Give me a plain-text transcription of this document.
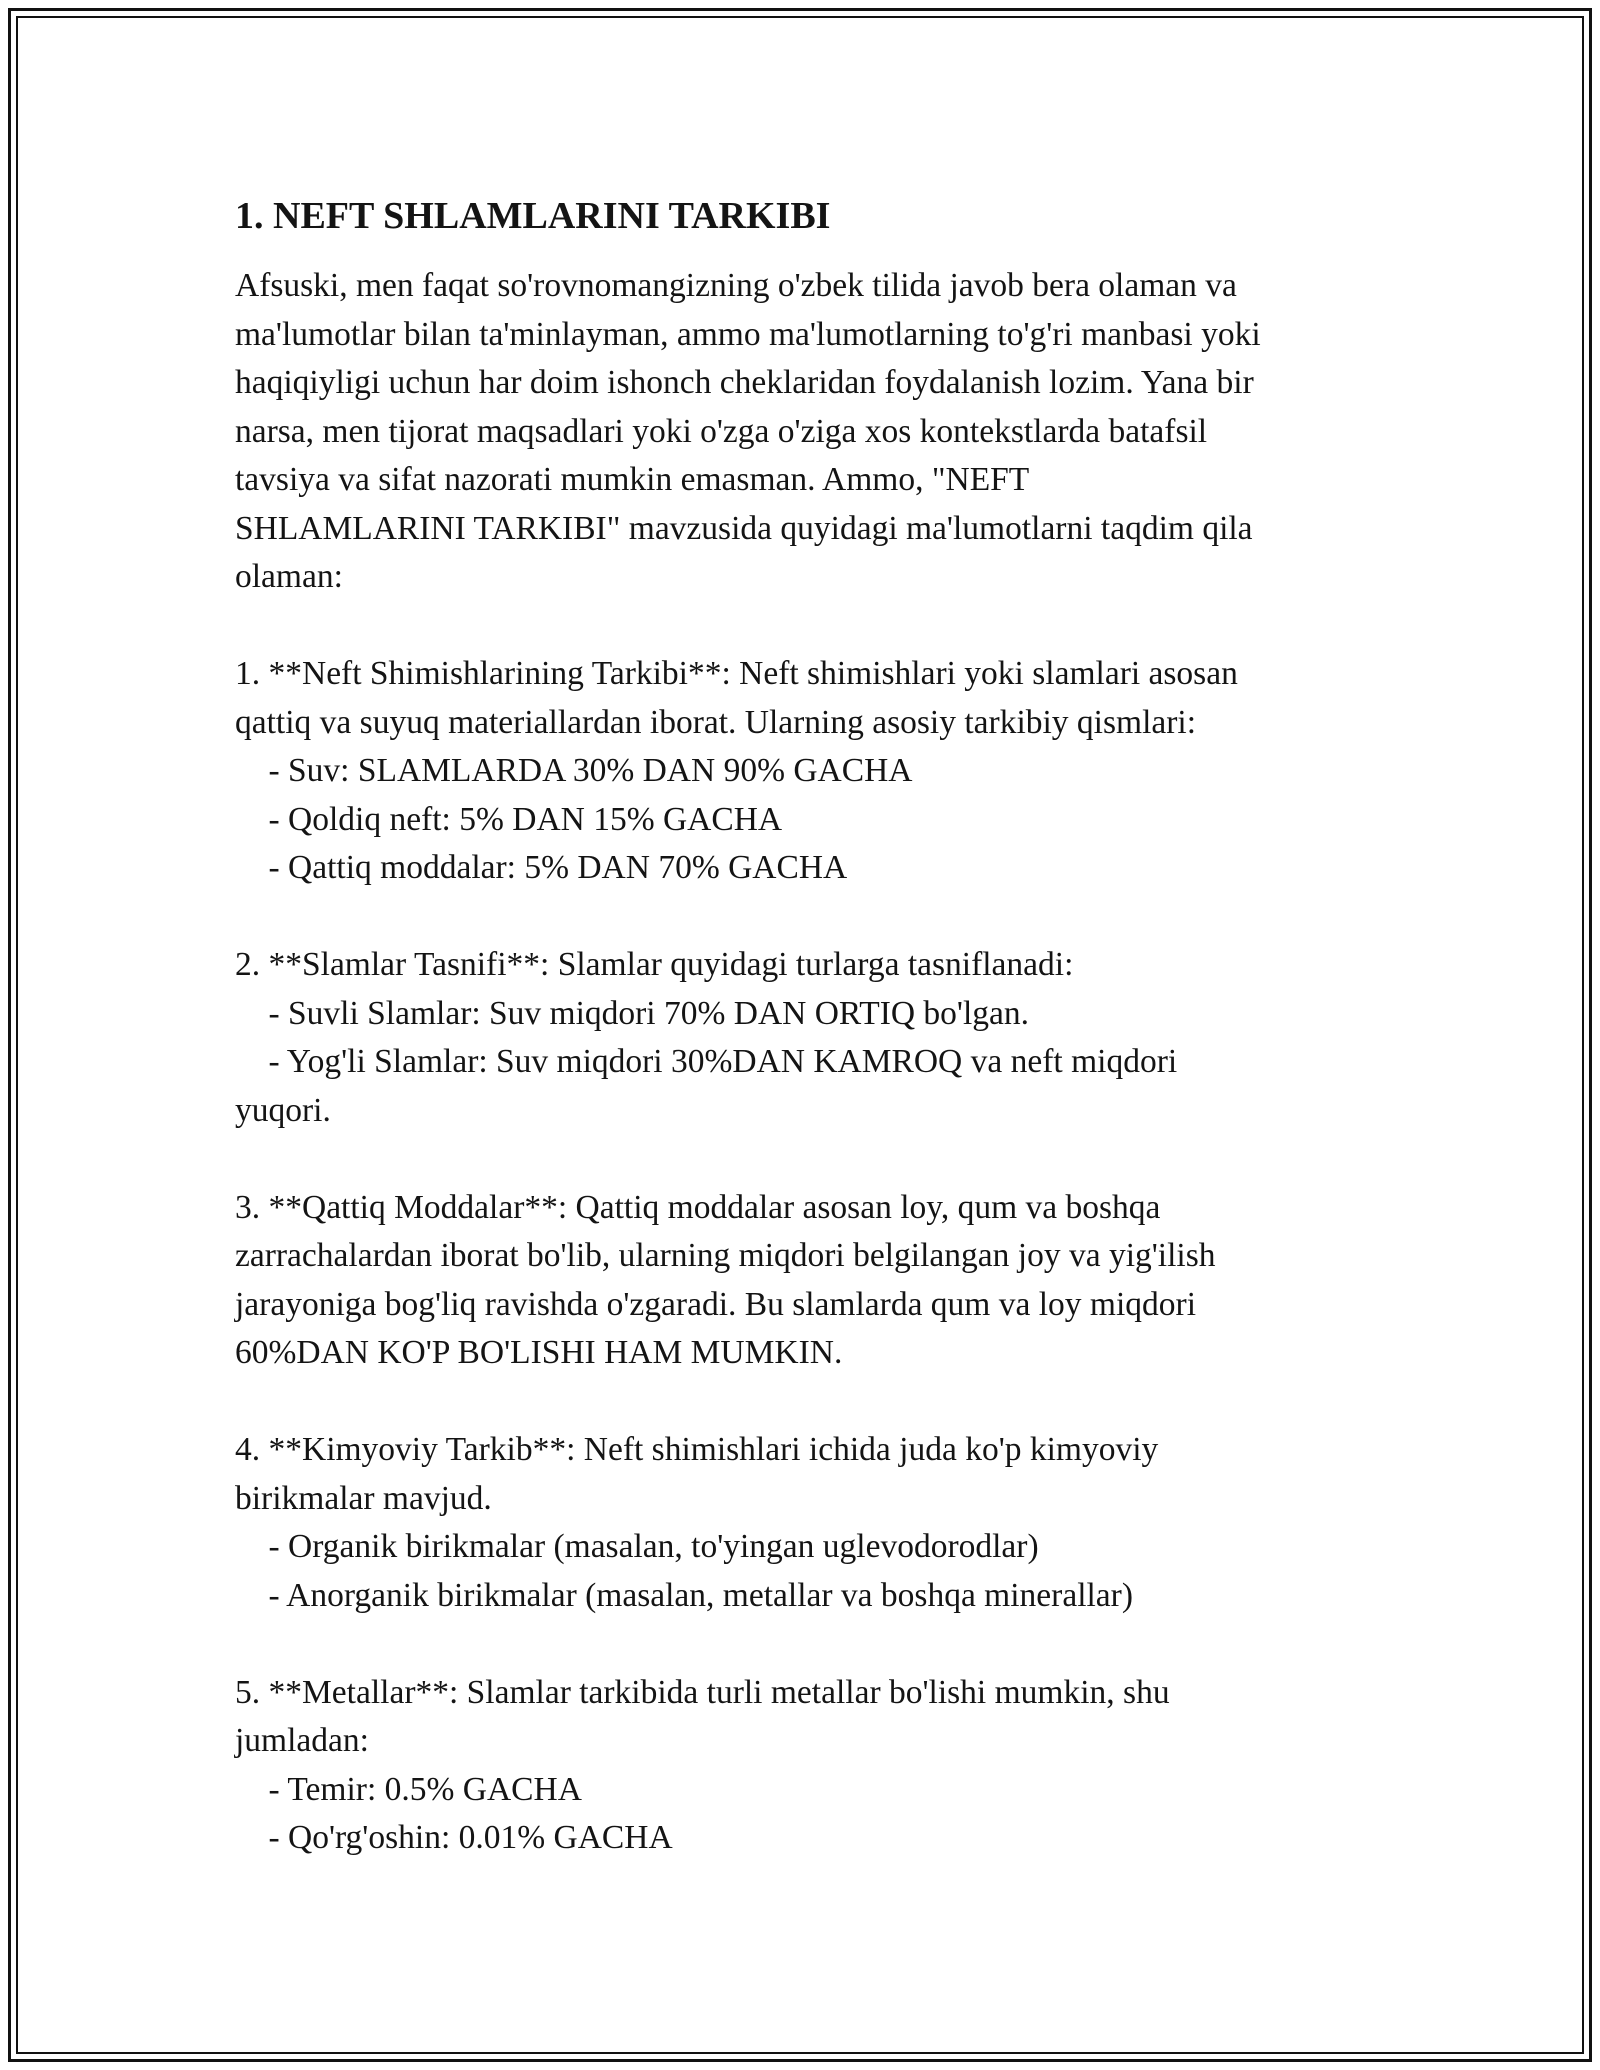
1. NEFT SHLAMLARINI TARKIBI
Afsuski, men faqat so'rovnomangizning o'zbek tilida javob bera olaman va
ma'lumotlar bilan ta'minlayman, ammo ma'lumotlarning to'g'ri manbasi yoki
haqiqiyligi uchun har doim ishonch cheklaridan foydalanish lozim. Yana bir
narsa, men tijorat maqsadlari yoki o'zga o'ziga xos kontekstlarda batafsil
tavsiya va sifat nazorati mumkin emasman. Ammo, "NEFT
SHLAMLARINI TARKIBI" mavzusida quyidagi ma'lumotlarni taqdim qila
olaman:
1. **Neft Shimishlarining Tarkibi**: Neft shimishlari yoki slamlari asosan
qattiq va suyuq materiallardan iborat. Ularning asosiy tarkibiy qismlari:
- Suv: SLAMLARDA 30% DAN 90% GACHA
- Qoldiq neft: 5% DAN 15% GACHA
- Qattiq moddalar: 5% DAN 70% GACHA
2. **Slamlar Tasnifi**: Slamlar quyidagi turlarga tasniflanadi:
- Suvli Slamlar: Suv miqdori 70% DAN ORTIQ bo'lgan.
- Yog'li Slamlar: Suv miqdori 30%DAN KAMROQ va neft miqdori
yuqori.
3. **Qattiq Moddalar**: Qattiq moddalar asosan loy, qum va boshqa
zarrachalardan iborat bo'lib, ularning miqdori belgilangan joy va yig'ilish
jarayoniga bog'liq ravishda o'zgaradi. Bu slamlarda qum va loy miqdori
60%DAN KO'P BO'LISHI HAM MUMKIN.
4. **Kimyoviy Tarkib**: Neft shimishlari ichida juda ko'p kimyoviy
birikmalar mavjud.
- Organik birikmalar (masalan, to'yingan uglevodorodlar)
- Anorganik birikmalar (masalan, metallar va boshqa minerallar)
5. **Metallar**: Slamlar tarkibida turli metallar bo'lishi mumkin, shu
jumladan:
- Temir: 0.5% GACHA
- Qo'rg'oshin: 0.01% GACHA
